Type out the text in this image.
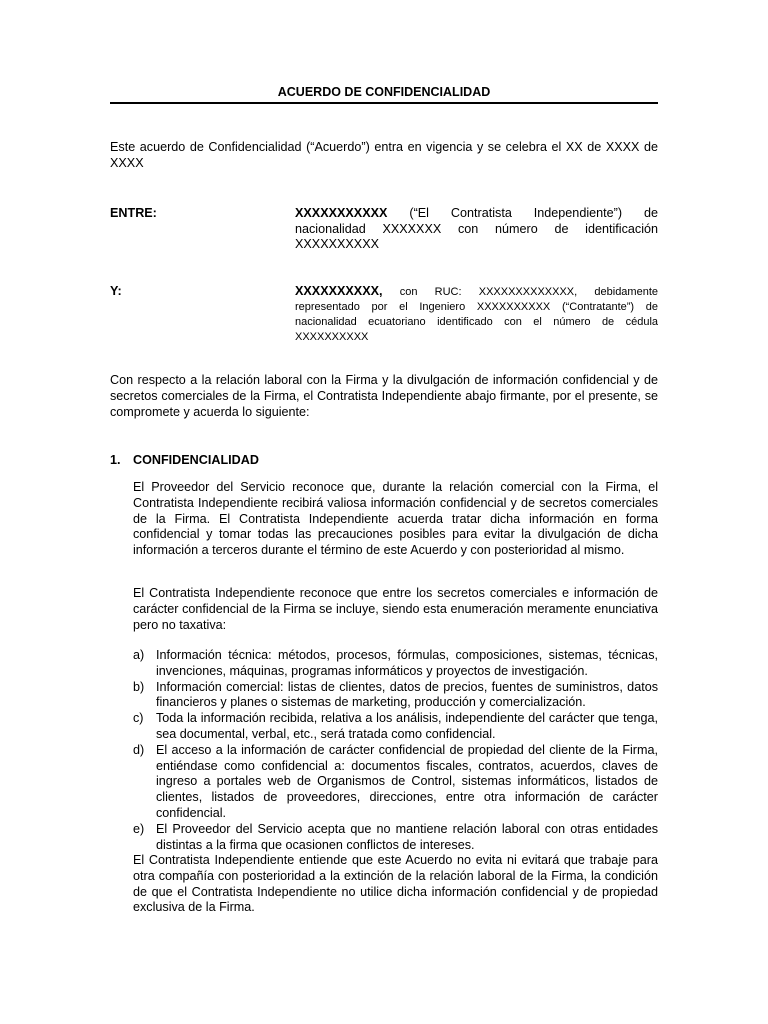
ACUERDO DE CONFIDENCIALIDAD

Este acuerdo de Confidencialidad (“Acuerdo”) entra en vigencia y se celebra el XX de XXXX de XXXX

ENTRE:	XXXXXXXXXXX (“El Contratista Independiente”) de nacionalidad XXXXXXX con número de identificación XXXXXXXXXX

Y:	XXXXXXXXXX, con RUC: XXXXXXXXXXXXX, debidamente representado por el Ingeniero XXXXXXXXXX (“Contratante”) de nacionalidad ecuatoriano identificado con el número de cédula XXXXXXXXXX

Con respecto a la relación laboral con la Firma y la divulgación de información confidencial y de secretos comerciales de la Firma, el Contratista Independiente abajo firmante, por el presente, se compromete y acuerda lo siguiente:

1. CONFIDENCIALIDAD

El Proveedor del Servicio reconoce que, durante la relación comercial con la Firma, el Contratista Independiente recibirá valiosa información confidencial y de secretos comerciales de la Firma. El Contratista Independiente acuerda tratar dicha información en forma confidencial y tomar todas las precauciones posibles para evitar la divulgación de dicha información a terceros durante el término de este Acuerdo y con posterioridad al mismo.

El Contratista Independiente reconoce que entre los secretos comerciales e información de carácter confidencial de la Firma se incluye, siendo esta enumeración meramente enunciativa pero no taxativa:

a) Información técnica: métodos, procesos, fórmulas, composiciones, sistemas, técnicas, invenciones, máquinas, programas informáticos y proyectos de investigación.
b) Información comercial: listas de clientes, datos de precios, fuentes de suministros, datos financieros y planes o sistemas de marketing, producción y comercialización.
c) Toda la información recibida, relativa a los análisis, independiente del carácter que tenga, sea documental, verbal, etc., será tratada como confidencial.
d) El acceso a la información de carácter confidencial de propiedad del cliente de la Firma, entiéndase como confidencial a: documentos fiscales, contratos, acuerdos, claves de ingreso a portales web de Organismos de Control, sistemas informáticos, listados de clientes, listados de proveedores, direcciones, entre otra información de carácter confidencial.
e) El Proveedor del Servicio acepta que no mantiene relación laboral con otras entidades distintas a la firma que ocasionen conflictos de intereses.

El Contratista Independiente entiende que este Acuerdo no evita ni evitará que trabaje para otra compañía con posterioridad a la extinción de la relación laboral de la Firma, la condición de que el Contratista Independiente no utilice dicha información confidencial y de propiedad exclusiva de la Firma.
